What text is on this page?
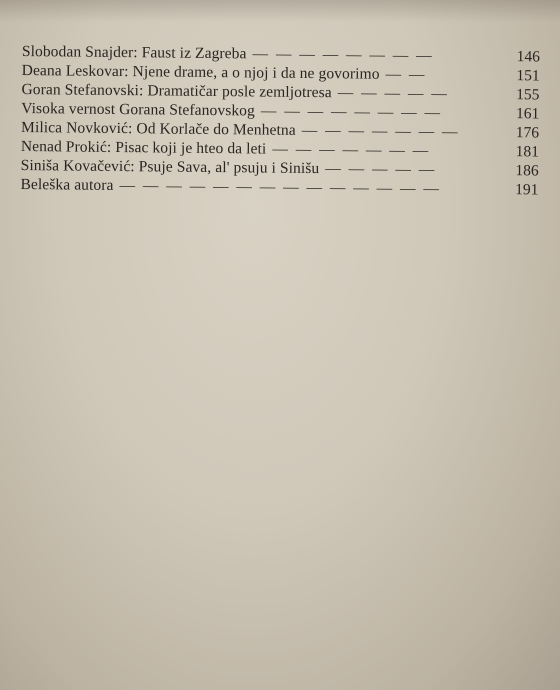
Slobodan Snajder: Faust iz Zagreba — — — — — — — —	146
Deana Leskovar: Njene drame, a o njoj i da ne govorimo — —	151
Goran Stefanovski: Dramatičar posle zemljotresa — — — — —	155
Visoka vernost Gorana Stefanovskog — — — — — — — —	161
Milica Novković: Od Korlače do Menhetna — — — — — — —	176
Nenad Prokić: Pisac koji je hteo da leti — — — — — — —	181
Siniša Kovačević: Psuje Sava, al' psuju i Sinišu — — — — —	186
Beleška autora — — — — — — — — — — — — — —	191
